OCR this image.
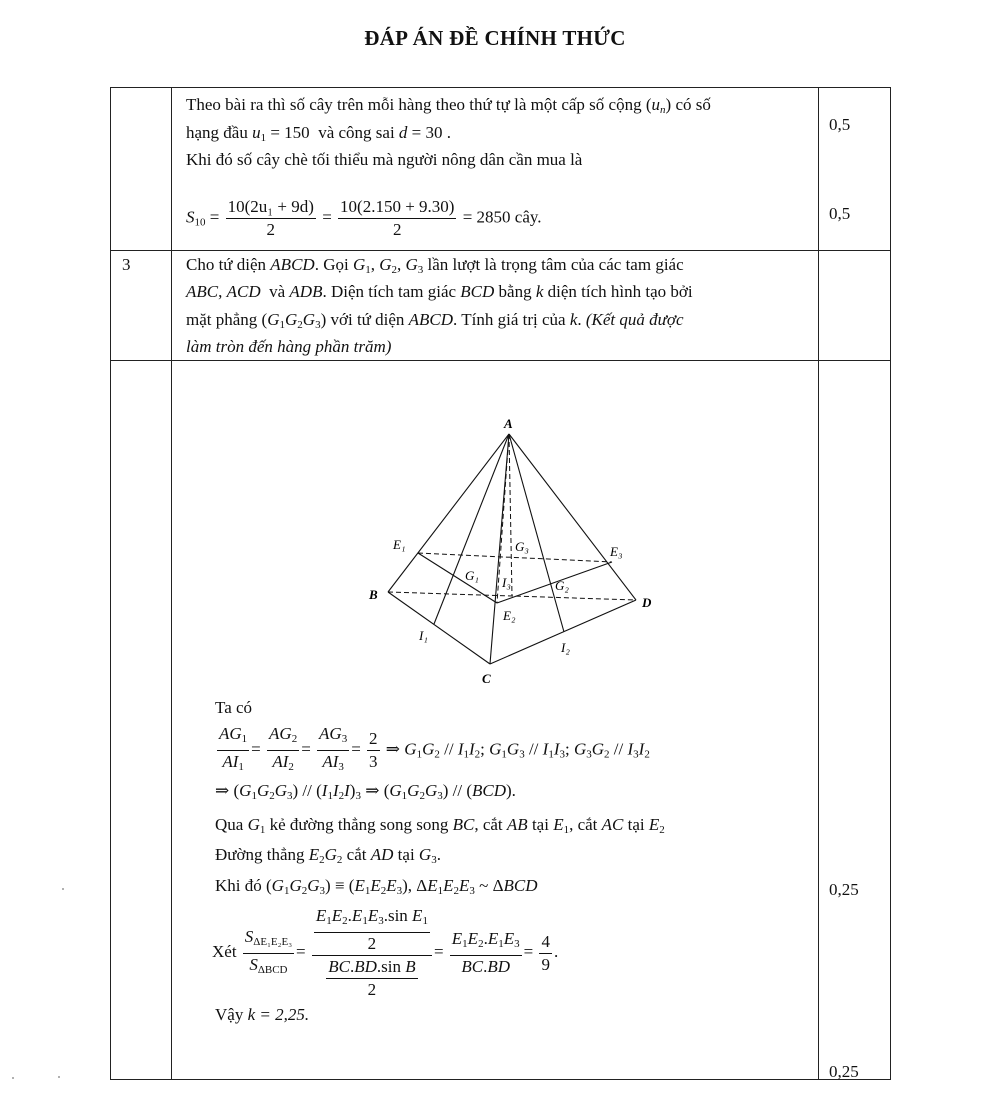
ĐÁP ÁN ĐỀ CHÍNH THỨC
Theo bài ra thì số cây trên mỗi hàng theo thứ tự là một cấp số cộng $(u_n)$ có số
hạng đầu $u_1 = 150$  và công sai d = 30 .
Khi đó số cây chè tối thiểu mà người nông dân cần mua là
$S_{10} = \frac{\text{10(2u₁ + 9d)}}{2} = \frac{10(2.150 + 9.30)}{2} = 2850$ cây.
0,5
0,5
3	Cho tứ diện ABCD. Gọi $G_1$, $G_2$, $G_3$ lần lượt là trọng tâm của các tam giác
ABC, ACD và ADB. Diện tích tam giác BCD bằng k diện tích hình tạo bởi
mặt phẳng $(G_1G_2G_3)$ với tứ diện ABCD. Tính giá trị của k. (Kết quả được
làm tròn đến hàng phần trăm)
A
B
C
D
E₁
E₂
E₃
G₁
G₂
G₃
I₁
I₂
I₃
Ta có
$\frac{AG_1}{AI_1} = \frac{AG_2}{AI_2} = \frac{AG_3}{AI_3} = \frac{2}{3}$ ⇒ $G_1G_2 // I_1I_2$; $G_1G_3 // I_1I_3$; $G_3G_2 // I_3I_2$
⇒ $(G_1G_2G_3) // (I_1I_2I)_3$ ⇒ $(G_1G_2G_3) // (BCD)$.
Qua $G_1$ kẻ đường thẳng song song BC, cắt AB tại $E_1$, cắt AC tại $E_2$
Đường thẳng $E_2G_2$ cắt AD tại $G_3$.
Khi đó $(G_1G_2G_3) \equiv (E_1E_2E_3)$, $\Delta E_1E_2E_3$ ~ ΔBCD
Xét $\frac{S_{\Delta E_1E_2E_3}}{S_{\Delta BCD}} = \frac{\frac{E_1E_2.E_1E_3.\sin E_1}{2}}{\frac{\text{BC.BD.sin B}}{2}} = \frac{E_1E_2.E_1E_3}{BC.BD} = \frac{4}{9}$ .
Vậy k = 2,25.
0,25
0,25
